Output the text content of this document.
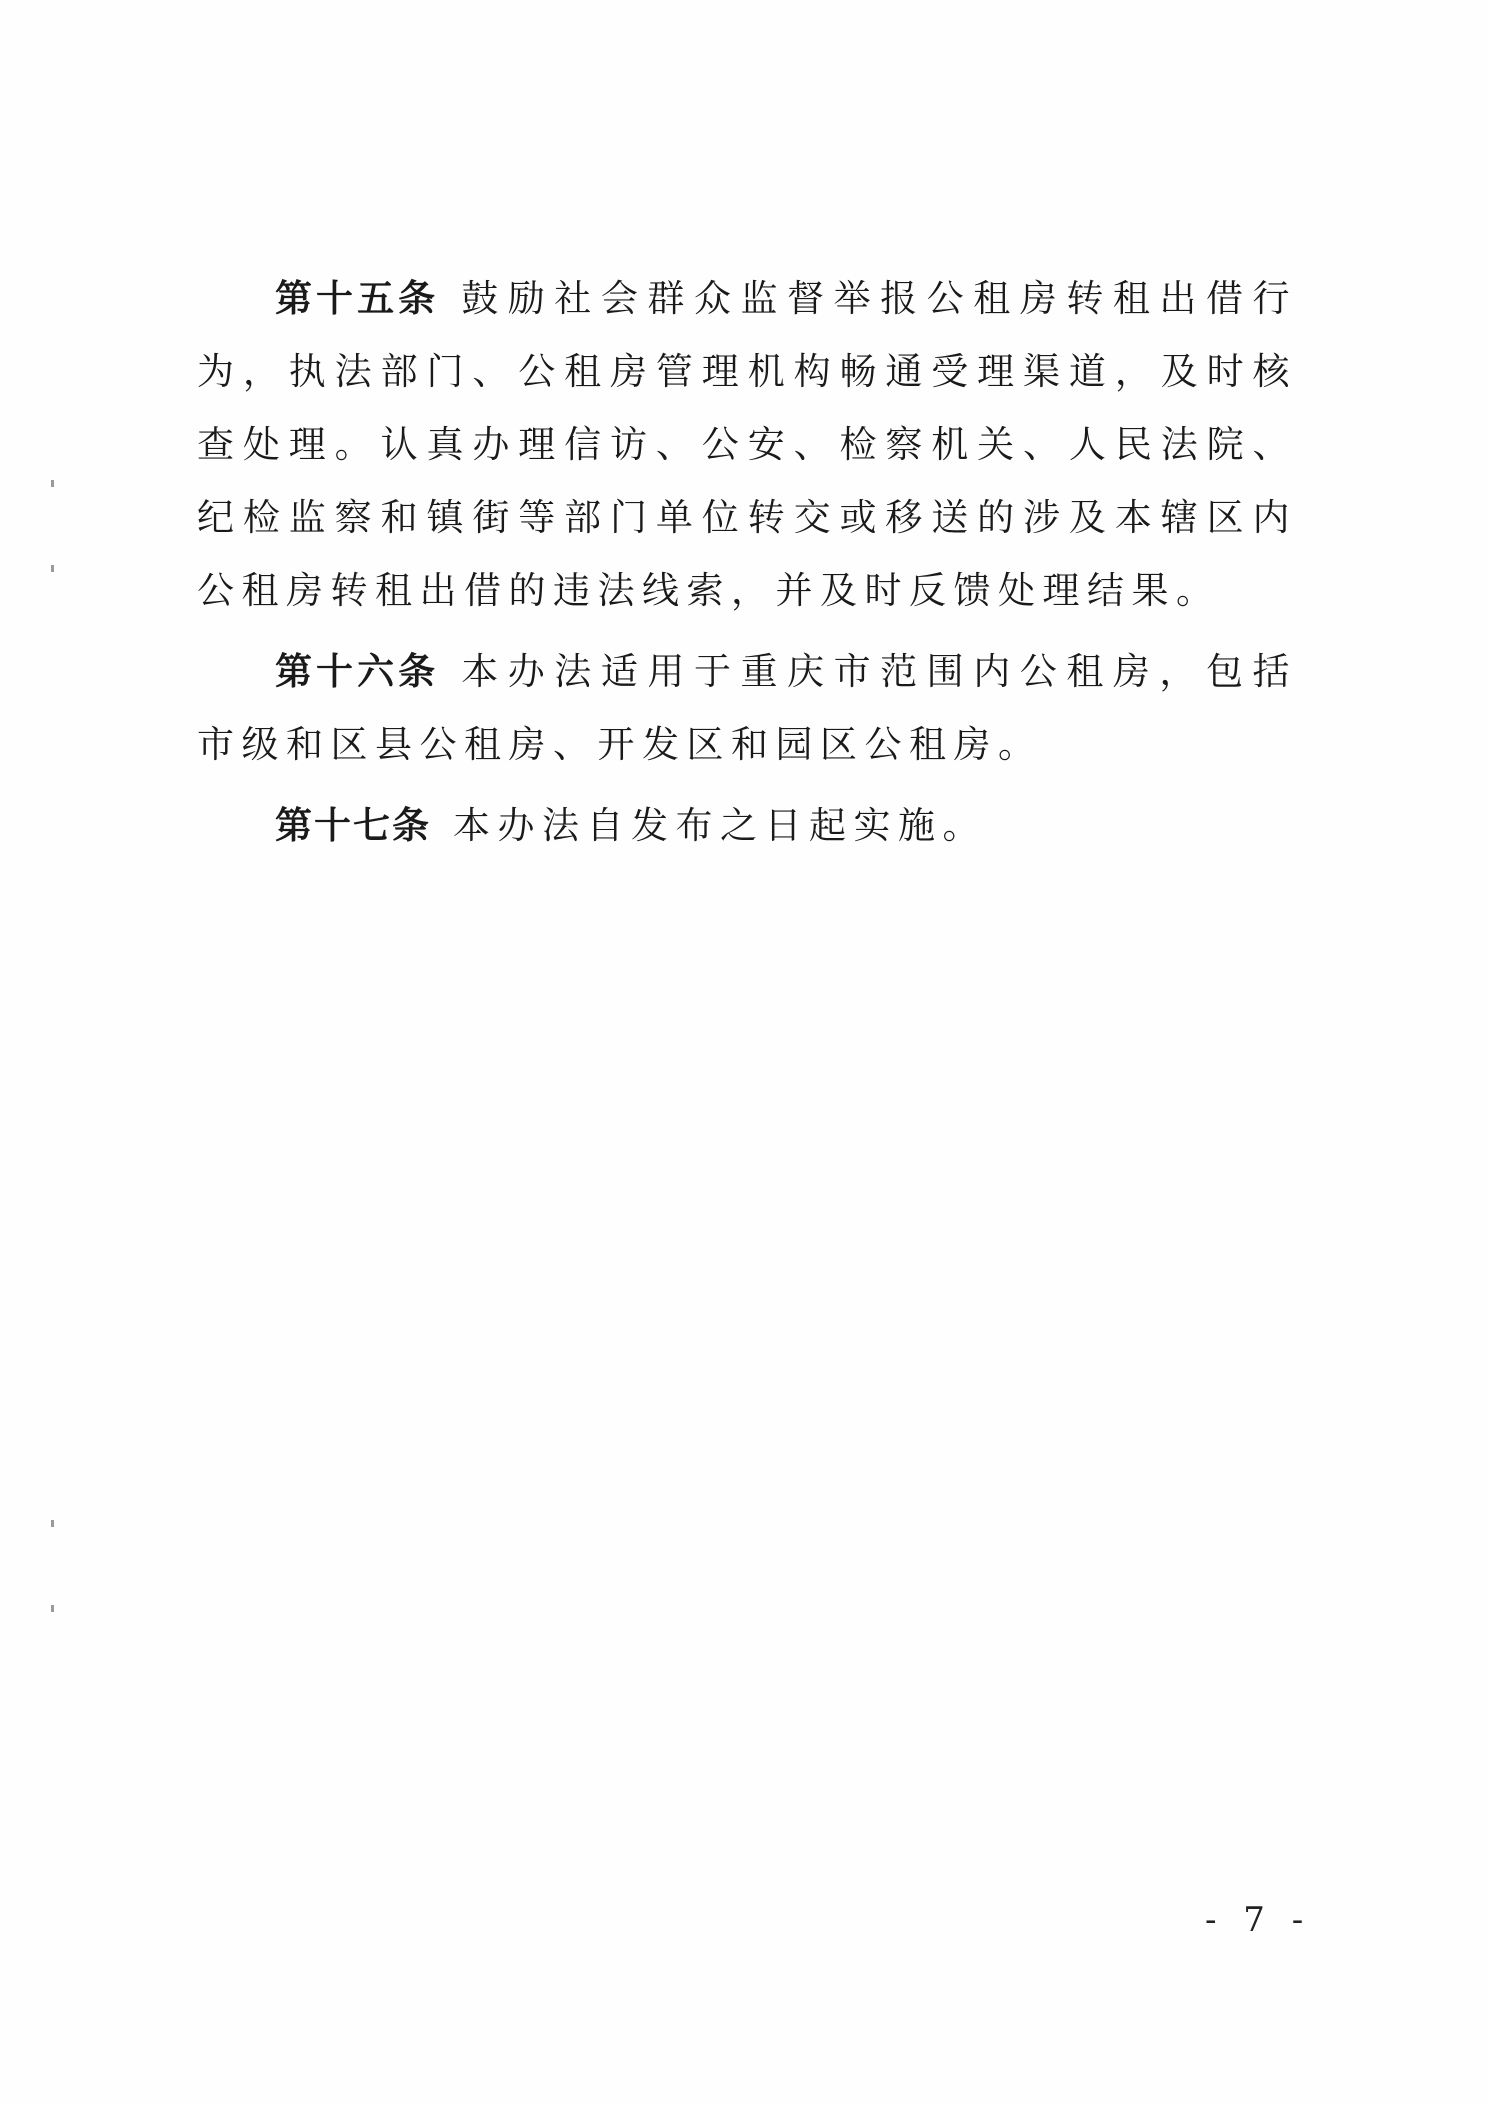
第十五条 鼓励社会群众监督举报公租房转租出借行为，执法部门、公租房管理机构畅通受理渠道，及时核查处理。认真办理信访、公安、检察机关、人民法院、纪检监察和镇街等部门单位转交或移送的涉及本辖区内公租房转租出借的违法线索，并及时反馈处理结果。

第十六条 本办法适用于重庆市范围内公租房，包括市级和区县公租房、开发区和园区公租房。

第十七条 本办法自发布之日起实施。

- 7 -
